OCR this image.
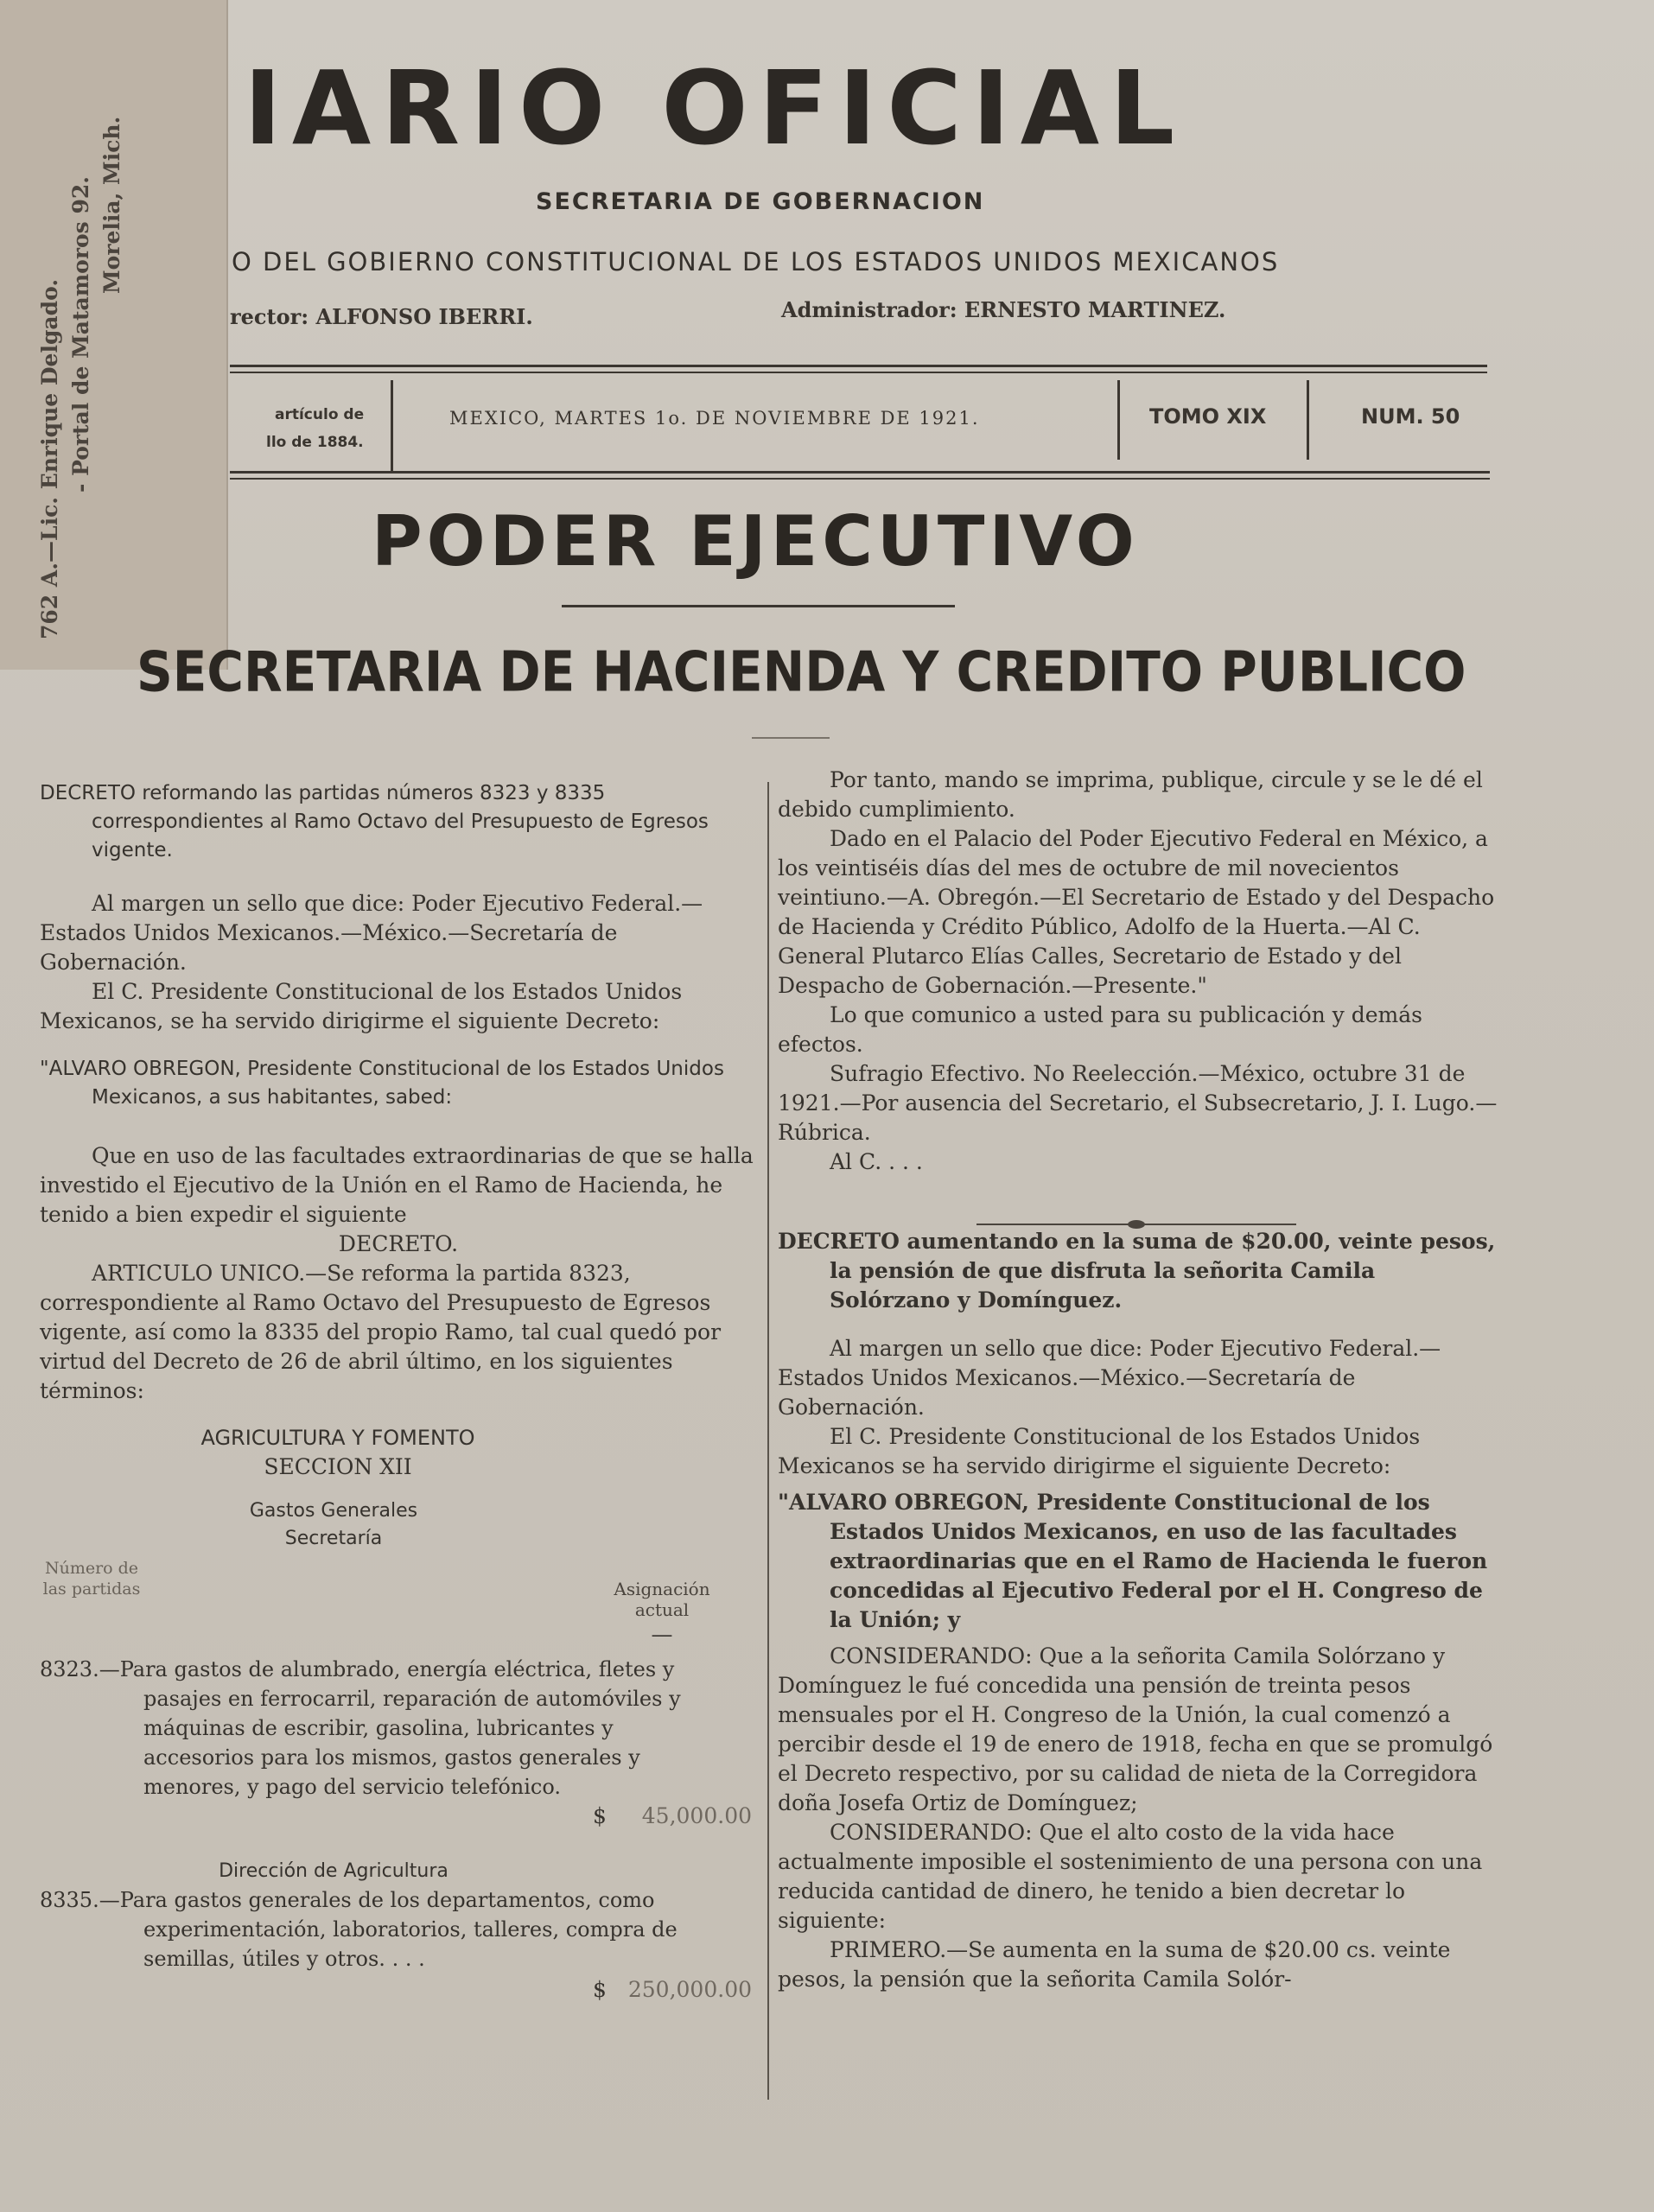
762 A.—Lic. Enrique Delgado. - Portal de Matamoros 92. Morelia, Mich.
IARIO OFICIAL
SECRETARIA DE GOBERNACION
O DEL GOBIERNO CONSTITUCIONAL DE LOS ESTADOS UNIDOS MEXICANOS
rector: ALFONSO IBERRI.	Administrador: ERNESTO MARTINEZ.
artículo de
llo de 1884.
MEXICO, MARTES 1o. DE NOVIEMBRE DE 1921.	TOMO XIX	NUM. 50
PODER EJECUTIVO
SECRETARIA DE HACIENDA Y CREDITO PUBLICO

DECRETO reformando las partidas números 8323 y 8335 correspondientes al Ramo Octavo del Presupuesto de Egresos vigente.

Al margen un sello que dice: Poder Ejecutivo Federal.—Estados Unidos Mexicanos.—México.—Secretaría de Gobernación.

El C. Presidente Constitucional de los Estados Unidos Mexicanos, se ha servido dirigirme el siguiente Decreto:

"ALVARO OBREGON, Presidente Constitucional de los Estados Unidos Mexicanos, a sus habitantes, sabed:

Que en uso de las facultades extraordinarias de que se halla investido el Ejecutivo de la Unión en el Ramo de Hacienda, he tenido a bien expedir el siguiente

DECRETO.

ARTICULO UNICO.—Se reforma la partida 8323, correspondiente al Ramo Octavo del Presupuesto de Egresos vigente, así como la 8335 del propio Ramo, tal cual quedó por virtud del Decreto de 26 de abril último, en los siguientes términos:

AGRICULTURA Y FOMENTO

SECCION XII

Gastos Generales

Secretaría

Número de las partidas	Asignación actual
—

8323.—Para gastos de alumbrado, energía eléctrica, fletes y pasajes en ferrocarril, reparación de automóviles y máquinas de escribir, gasolina, lubricantes y accesorios para los mismos, gastos generales y menores, y pago del servicio telefónico.

$ 45,000.00

Dirección de Agricultura

8335.—Para gastos generales de los departamentos, como experimentación, laboratorios, talleres, compra de semillas, útiles y otros. . . .

$ 250,000.00

Por tanto, mando se imprima, publique, circule y se le dé el debido cumplimiento.

Dado en el Palacio del Poder Ejecutivo Federal en México, a los veintiséis días del mes de octubre de mil novecientos veintiuno.—A. Obregón.—El Secretario de Estado y del Despacho de Hacienda y Crédito Público, Adolfo de la Huerta.—Al C. General Plutarco Elías Calles, Secretario de Estado y del Despacho de Gobernación.—Presente."

Lo que comunico a usted para su publicación y demás efectos.

Sufragio Efectivo. No Reelección.—México, octubre 31 de 1921.—Por ausencia del Secretario, el Subsecretario, J. I. Lugo.—Rúbrica.

Al C. . . .

DECRETO aumentando en la suma de $20.00, veinte pesos, la pensión de que disfruta la señorita Camila Solórzano y Domínguez.

Al margen un sello que dice: Poder Ejecutivo Federal.—Estados Unidos Mexicanos.—México.—Secretaría de Gobernación.

El C. Presidente Constitucional de los Estados Unidos Mexicanos se ha servido dirigirme el siguiente Decreto:

"ALVARO OBREGON, Presidente Constitucional de los Estados Unidos Mexicanos, en uso de las facultades extraordinarias que en el Ramo de Hacienda le fueron concedidas al Ejecutivo Federal por el H. Congreso de la Unión; y

CONSIDERANDO: Que a la señorita Camila Solórzano y Domínguez le fué concedida una pensión de treinta pesos mensuales por el H. Congreso de la Unión, la cual comenzó a percibir desde el 19 de enero de 1918, fecha en que se promulgó el Decreto respectivo, por su calidad de nieta de la Corregidora doña Josefa Ortiz de Domínguez;

CONSIDERANDO: Que el alto costo de la vida hace actualmente imposible el sostenimiento de una persona con una reducida cantidad de dinero, he tenido a bien decretar lo siguiente:

PRIMERO.—Se aumenta en la suma de $20.00 cs. veinte pesos, la pensión que la señorita Camila Solór-
